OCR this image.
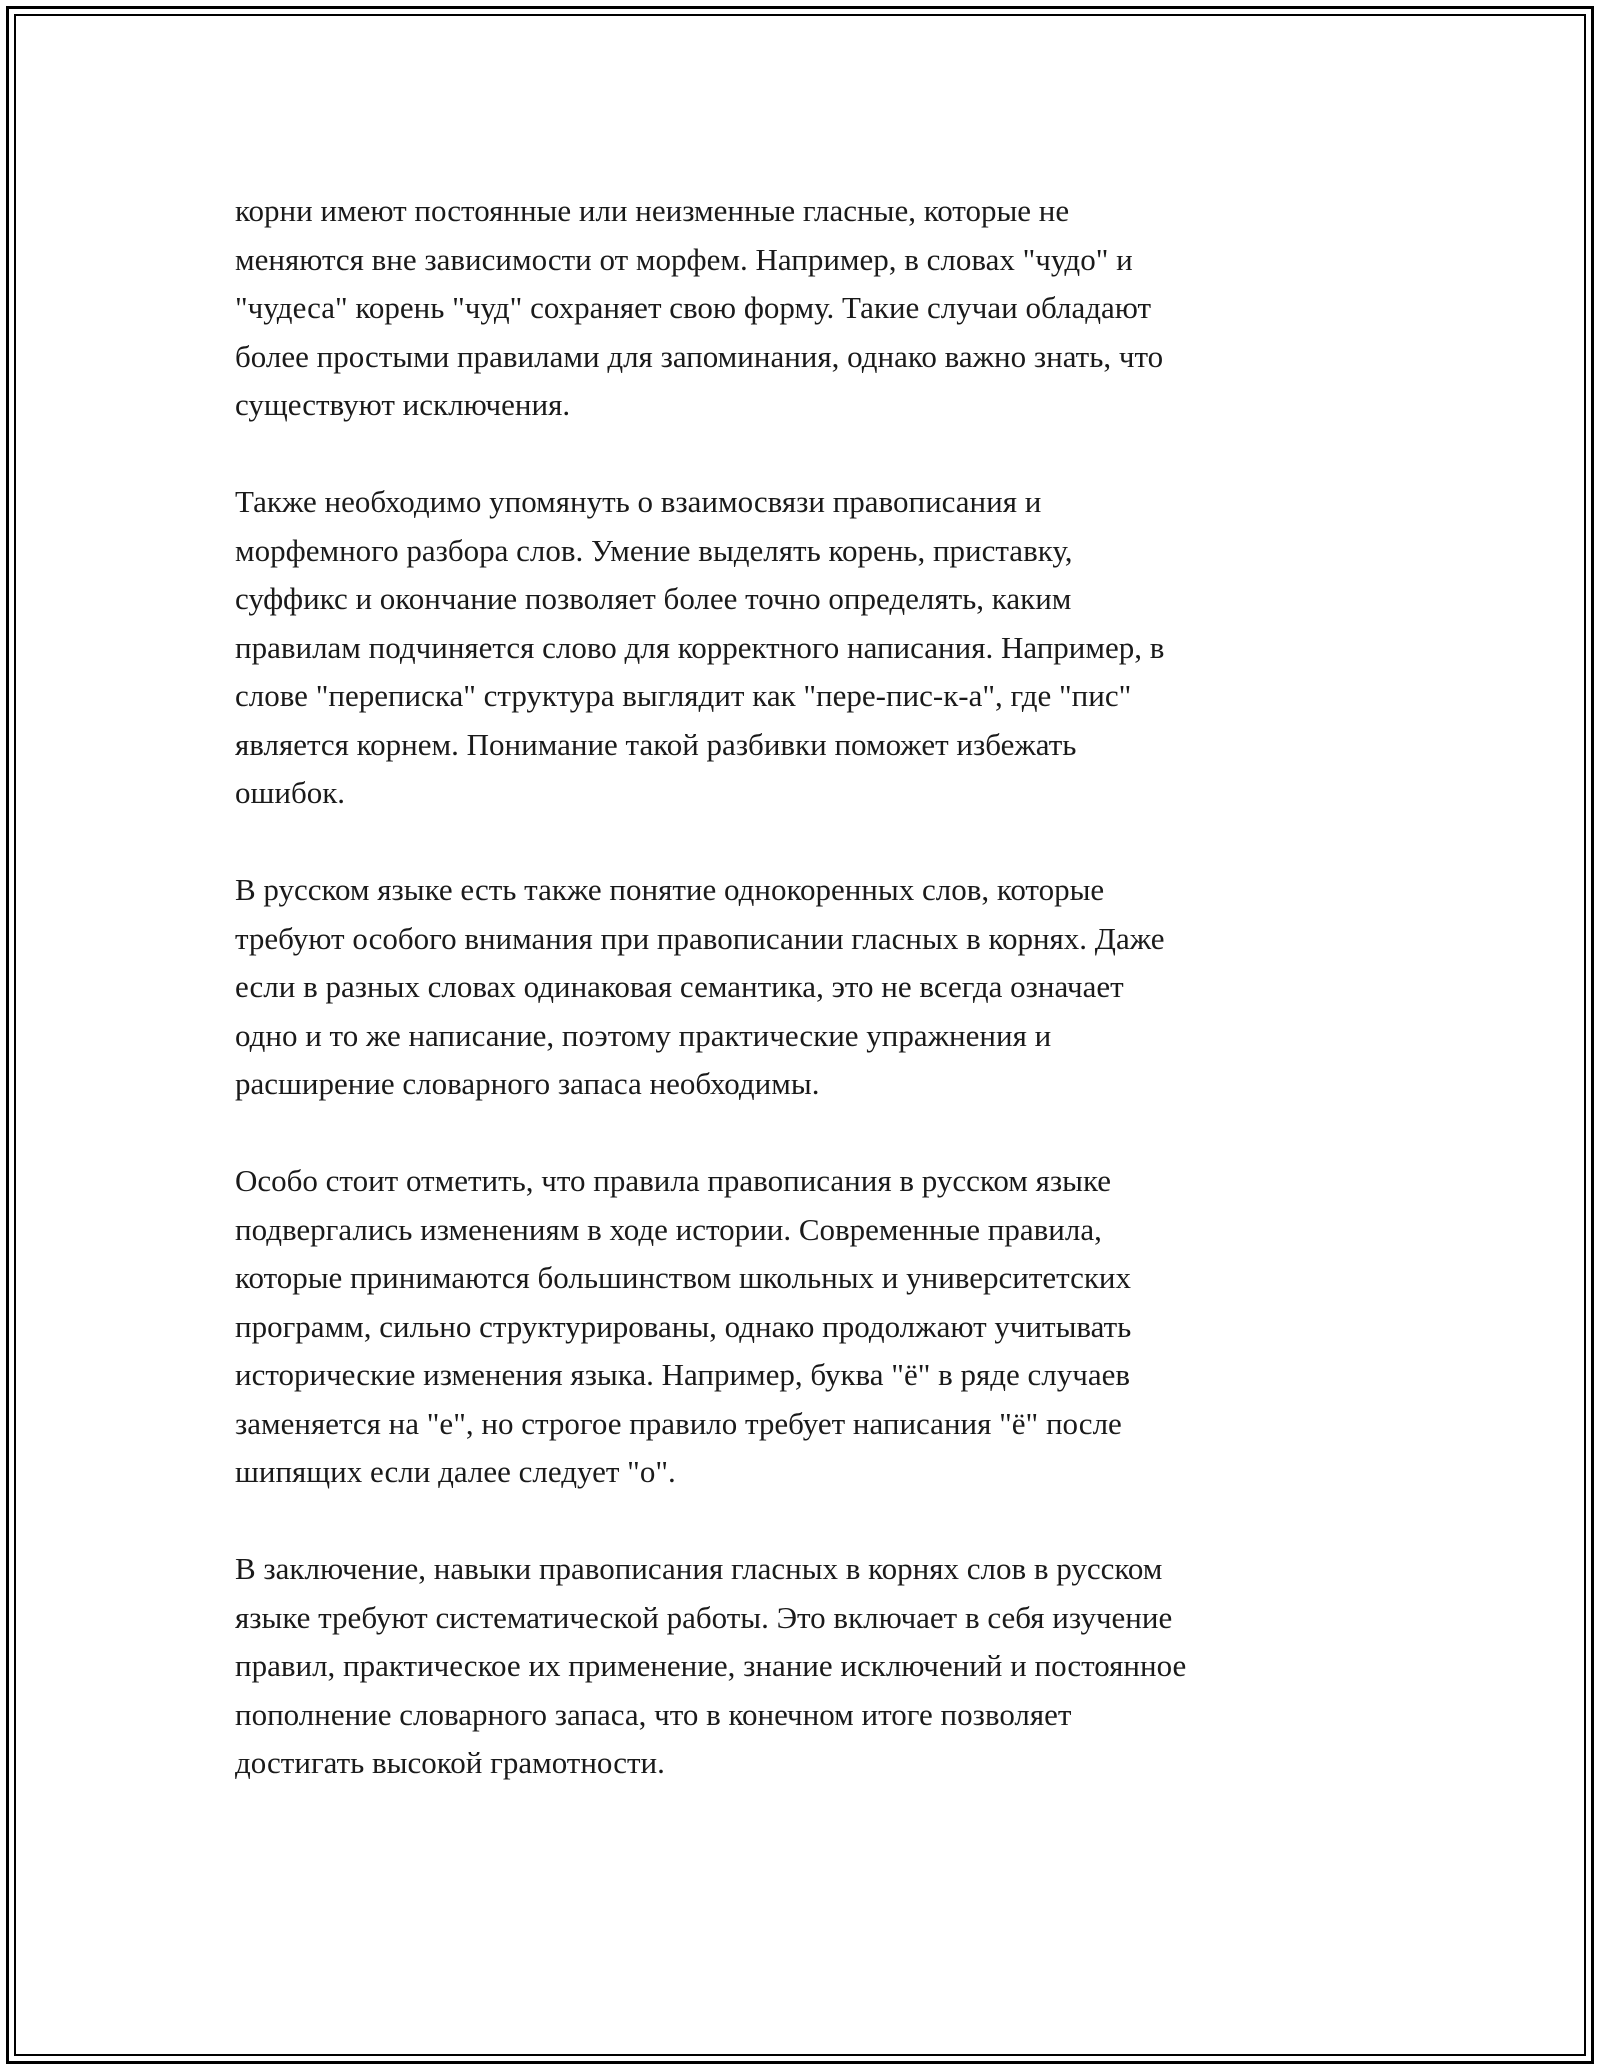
корни имеют постоянные или неизменные гласные, которые не
меняются вне зависимости от морфем. Например, в словах "чудо" и
"чудеса" корень "чуд" сохраняет свою форму. Такие случаи обладают
более простыми правилами для запоминания, однако важно знать, что
существуют исключения.

Также необходимо упомянуть о взаимосвязи правописания и
морфемного разбора слов. Умение выделять корень, приставку,
суффикс и окончание позволяет более точно определять, каким
правилам подчиняется слово для корректного написания. Например, в
слове "переписка" структура выглядит как "пере-пис-к-а", где "пис"
является корнем. Понимание такой разбивки поможет избежать
ошибок.

В русском языке есть также понятие однокоренных слов, которые
требуют особого внимания при правописании гласных в корнях. Даже
если в разных словах одинаковая семантика, это не всегда означает
одно и то же написание, поэтому практические упражнения и
расширение словарного запаса необходимы.

Особо стоит отметить, что правила правописания в русском языке
подвергались изменениям в ходе истории. Современные правила,
которые принимаются большинством школьных и университетских
программ, сильно структурированы, однако продолжают учитывать
исторические изменения языка. Например, буква "ё" в ряде случаев
заменяется на "е", но строгое правило требует написания "ё" после
шипящих если далее следует "о".

В заключение, навыки правописания гласных в корнях слов в русском
языке требуют систематической работы. Это включает в себя изучение
правил, практическое их применение, знание исключений и постоянное
пополнение словарного запаса, что в конечном итоге позволяет
достигать высокой грамотности.
